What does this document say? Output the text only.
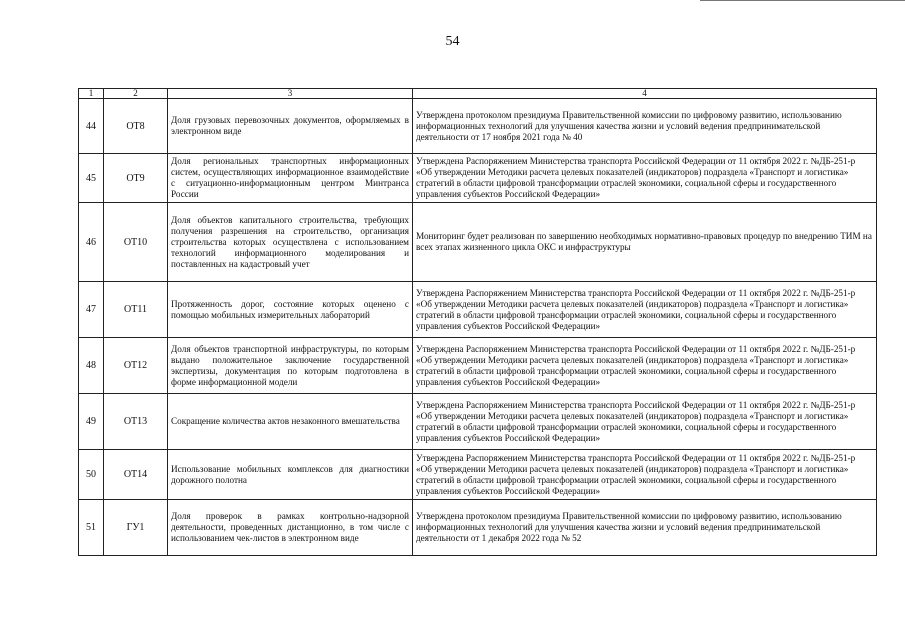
54
1	2	3	4
44	ОТ8	Доля грузовых перевозочных документов, оформляемых в электронном виде	Утверждена протоколом президиума Правительственной комиссии по цифровому развитию, использованию информационных технологий для улучшения качества жизни и условий ведения предпринимательской деятельности от 17 ноября 2021 года № 40
45	ОТ9	Доля региональных транспортных информационных систем, осуществляющих информационное взаимодействие с ситуационно-информационным центром Минтранса России	Утверждена Распоряжением Министерства транспорта Российской Федерации от 11 октября 2022 г. №ДБ-251-р «Об утверждении Методики расчета целевых показателей (индикаторов) подраздела «Транспорт и логистика» стратегий в области цифровой трансформации отраслей экономики, социальной сферы и государственного управления субъектов Российской Федерации»
46	ОТ10	Доля объектов капитального строительства, требующих получения разрешения на строительство, организация строительства которых осуществлена с использованием технологий информационного моделирования и поставленных на кадастровый учет	Мониторинг будет реализован по завершению необходимых нормативно-правовых процедур по внедрению ТИМ на всех этапах жизненного цикла ОКС и инфраструктуры
47	ОТ11	Протяженность дорог, состояние которых оценено с помощью мобильных измерительных лабораторий	Утверждена Распоряжением Министерства транспорта Российской Федерации от 11 октября 2022 г. №ДБ-251-р «Об утверждении Методики расчета целевых показателей (индикаторов) подраздела «Транспорт и логистика» стратегий в области цифровой трансформации отраслей экономики, социальной сферы и государственного управления субъектов Российской Федерации»
48	ОТ12	Доля объектов транспортной инфраструктуры, по которым выдано положительное заключение государственной экспертизы, документация по которым подготовлена в форме информационной модели	Утверждена Распоряжением Министерства транспорта Российской Федерации от 11 октября 2022 г. №ДБ-251-р «Об утверждении Методики расчета целевых показателей (индикаторов) подраздела «Транспорт и логистика» стратегий в области цифровой трансформации отраслей экономики, социальной сферы и государственного управления субъектов Российской Федерации»
49	ОТ13	Сокращение количества актов незаконного вмешательства	Утверждена Распоряжением Министерства транспорта Российской Федерации от 11 октября 2022 г. №ДБ-251-р «Об утверждении Методики расчета целевых показателей (индикаторов) подраздела «Транспорт и логистика» стратегий в области цифровой трансформации отраслей экономики, социальной сферы и государственного управления субъектов Российской Федерации»
50	ОТ14	Использование мобильных комплексов для диагностики дорожного полотна	Утверждена Распоряжением Министерства транспорта Российской Федерации от 11 октября 2022 г. №ДБ-251-р «Об утверждении Методики расчета целевых показателей (индикаторов) подраздела «Транспорт и логистика» стратегий в области цифровой трансформации отраслей экономики, социальной сферы и государственного управления субъектов Российской Федерации»
51	ГУ1	Доля проверок в рамках контрольно-надзорной деятельности, проведенных дистанционно, в том числе с использованием чек-листов в электронном виде	Утверждена протоколом президиума Правительственной комиссии по цифровому развитию, использованию информационных технологий для улучшения качества жизни и условий ведения предпринимательской деятельности от 1 декабря 2022 года № 52
